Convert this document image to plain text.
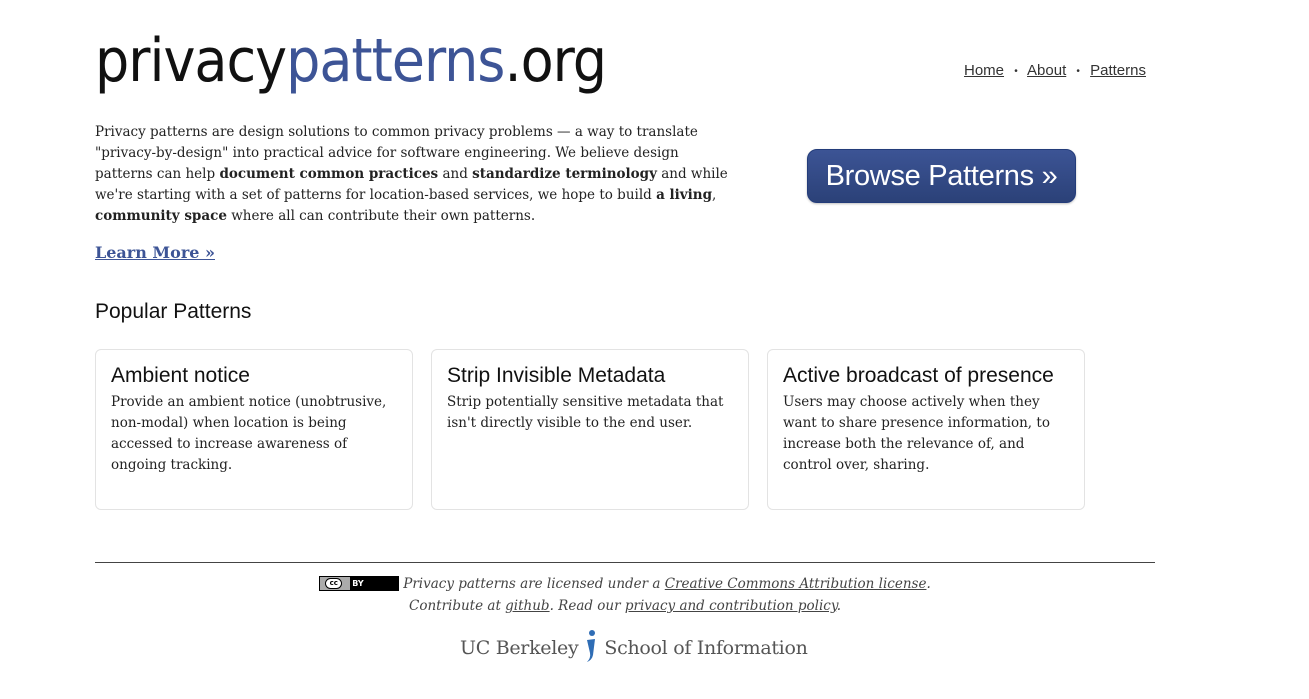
privacypatterns.org	Home • About • Patterns

Privacy patterns are design solutions to common privacy problems — a way to translate "privacy-by-design" into practical advice for software engineering. We believe design patterns can help document common practices and standardize terminology and while we're starting with a set of patterns for location-based services, we hope to build a living, community space where all can contribute their own patterns.

Learn More »
Browse Patterns »
Popular Patterns
Ambient notice
Provide an ambient notice (unobtrusive, non-modal) when location is being accessed to increase awareness of ongoing tracking.
Strip Invisible Metadata
Strip potentially sensitive metadata that isn't directly visible to the end user.
Active broadcast of presence
Users may choose actively when they want to share presence information, to increase both the relevance of, and control over, sharing.
cc	BY	Privacy patterns are licensed under a Creative Commons Attribution license.
Contribute at github. Read our privacy and contribution policy.
UC Berkeley School of Information
